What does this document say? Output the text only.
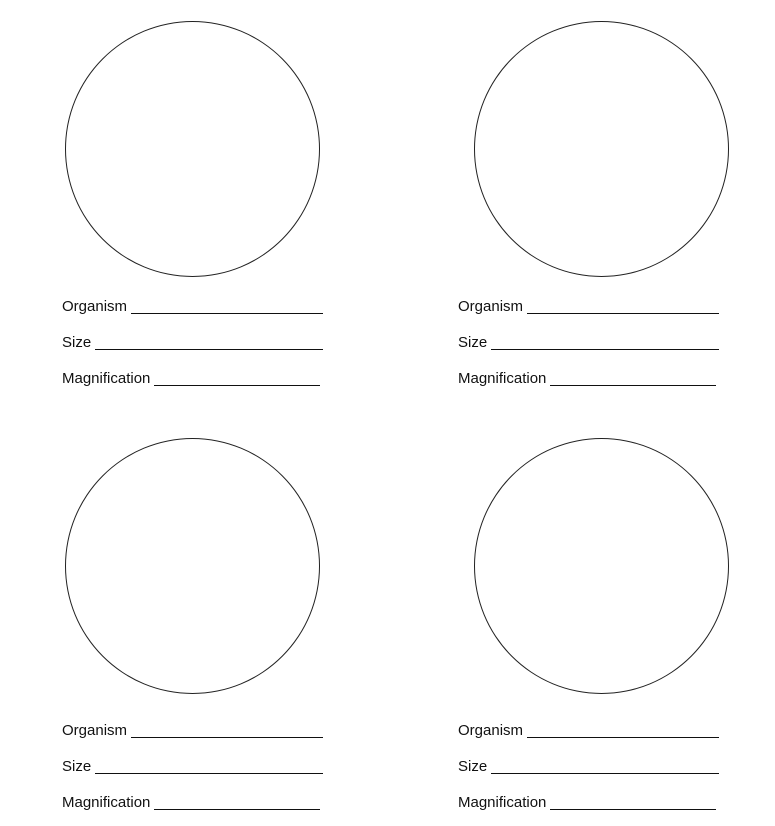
Organism
Size
Magnification
Organism
Size
Magnification
Organism
Size
Magnification
Organism
Size
Magnification
